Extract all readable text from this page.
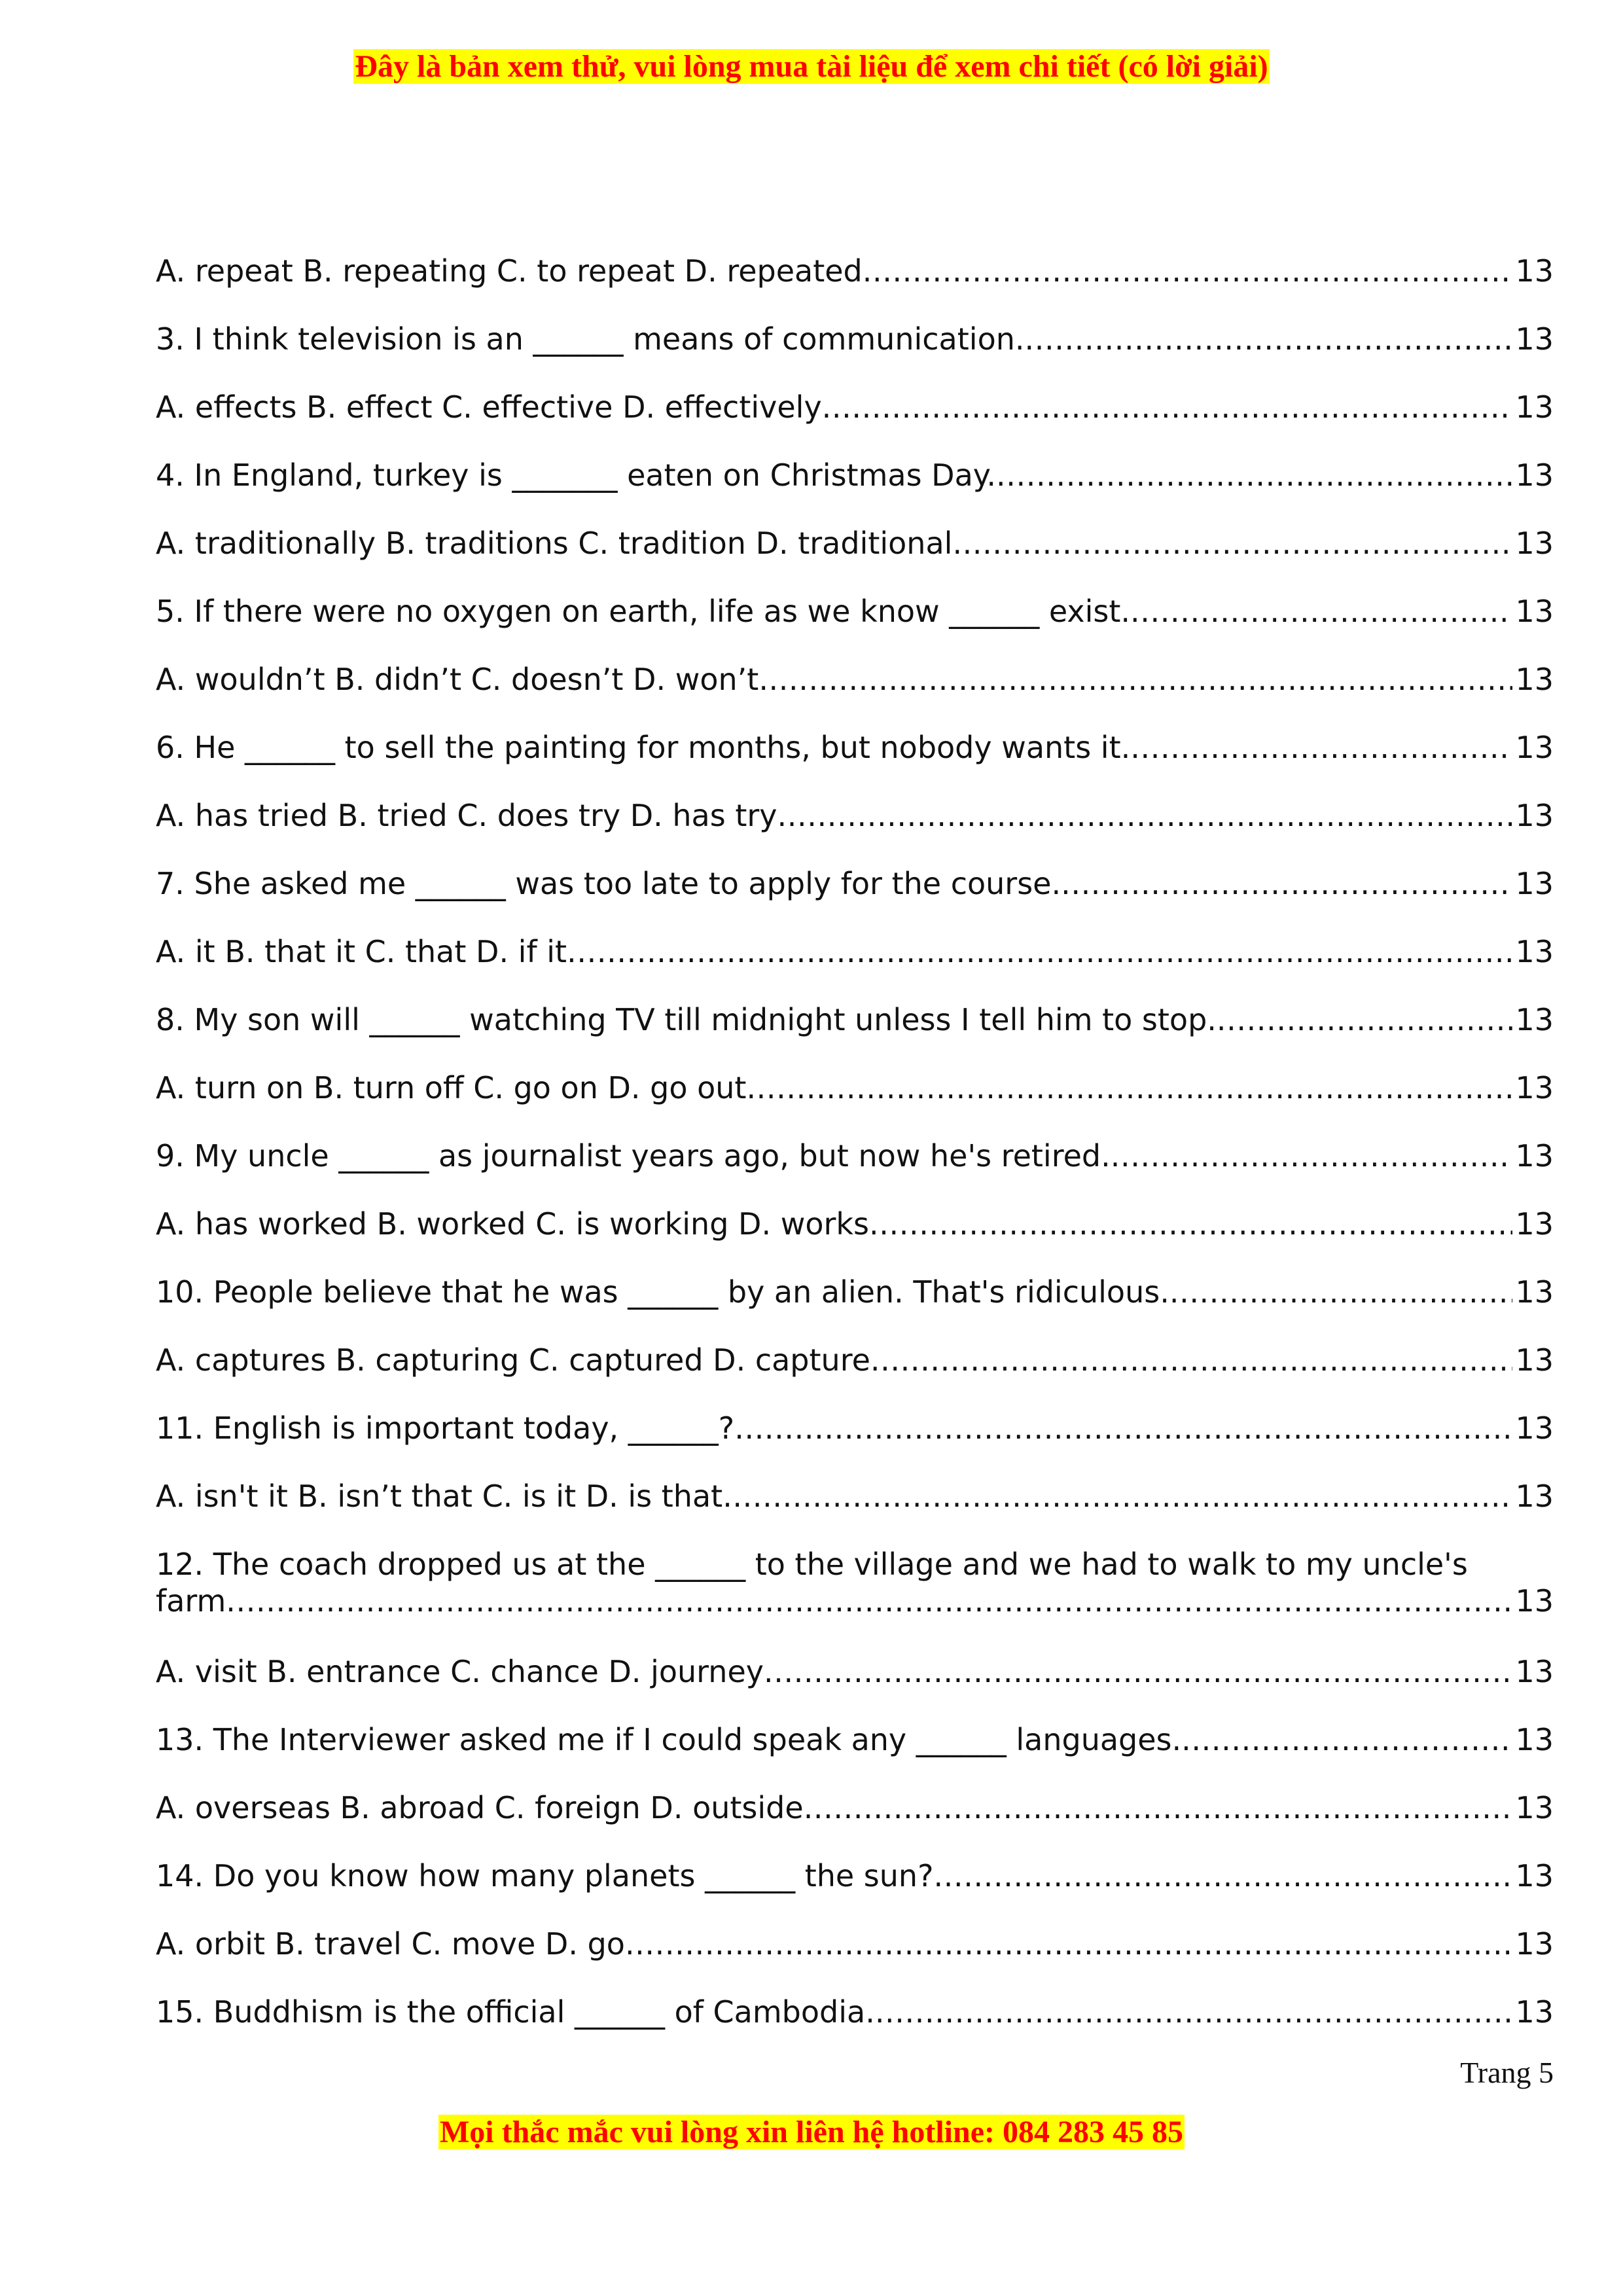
Đây là bản xem thử, vui lòng mua tài liệu để xem chi tiết (có lời giải)
A. repeat B. repeating C. to repeat D. repeated . . .	13
3. I think television is an ______ means of communication. . . .	13
A. effects B. effect C. effective D. effectively . . .	13
4. In England, turkey is _______ eaten on Christmas Day. . . .	13
A. traditionally B. traditions C. tradition D. traditional . . .	13
5. If there were no oxygen on earth, life as we know ______ exist. . . .	13
A. wouldn’t B. didn’t C. doesn’t D. won’t . . .	13
6. He ______ to sell the painting for months, but nobody wants it. . . .	13
A. has tried B. tried C. does try D. has try . . .	13
7. She asked me ______ was too late to apply for the course. . . .	13
A. it B. that it C. that D. if it . . .	13
8. My son will ______ watching TV till midnight unless I tell him to stop. . . .	13
A. turn on B. turn off C. go on D. go out . . .	13
9. My uncle ______ as journalist years ago, but now he's retired. . . .	13
A. has worked B. worked C. is working D. works . . .	13
10. People believe that he was ______ by an alien. That's ridiculous. . . .	13
A. captures B. capturing C. captured D. capture . . .	13
11. English is important today, ______? . . .	13
A. isn't it B. isn’t that C. is it D. is that . . .	13
12. The coach dropped us at the ______ to the village and we had to walk to my uncle's
farm . . .	13
A. visit B. entrance C. chance D. journey . . .	13
13. The Interviewer asked me if I could speak any ______ languages. . . .	13
A. overseas B. abroad C. foreign D. outside . . .	13
14. Do you know how many planets ______ the sun? . . .	13
A. orbit B. travel C. move D. go . . .	13
15. Buddhism is the official ______ of Cambodia. . . .	13
Trang 5
Mọi thắc mắc vui lòng xin liên hệ hotline: 084 283 45 85
